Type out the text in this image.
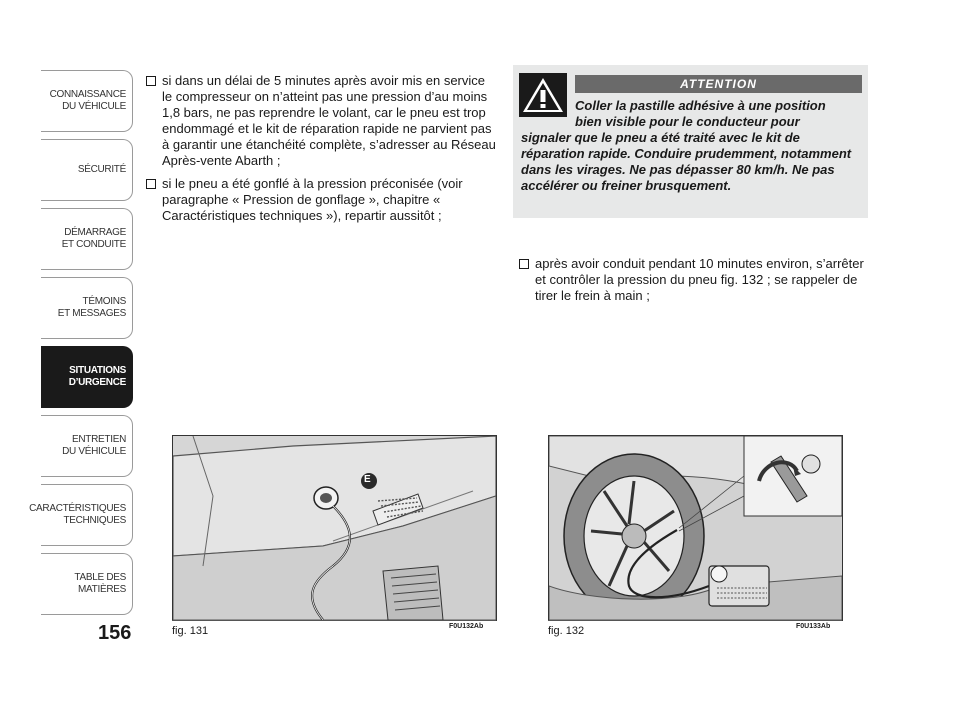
CONNAISSANCE
DU VÉHICULE
SÉCURITÉ
DÉMARRAGE
ET CONDUITE
TÉMOINS
ET MESSAGES
SITUATIONS
D’URGENCE
ENTRETIEN
DU VÉHICULE
CARACTÉRISTIQUES
TECHNIQUES
TABLE DES
MATIÈRES
156
si dans un délai de 5 minutes après avoir mis en service le compresseur on n’atteint pas une pression d’au moins 1,8 bars, ne pas reprendre le volant, car le pneu est trop endommagé et le kit de réparation rapide ne parvient pas à garantir une étanchéité complète, s’adresser au Réseau Après-vente Abarth ;
si le pneu a été gonflé à la pression préconisée (voir paragraphe « Pression de gonflage », chapitre « Caractéristiques techniques »), repartir aussitôt ;
ATTENTION
Coller la pastille adhésive à une position
bien visible pour le conducteur pour
signaler que le pneu a été traité avec le kit de réparation rapide. Conduire prudemment, notamment dans les virages. Ne pas dépasser 80 km/h. Ne pas accélérer ou freiner brusquement.
après avoir conduit pendant 10 minutes environ, s’arrêter et contrôler la pression du pneu fig. 132 ; se rappeler de tirer le frein à main ;
E
fig. 131	F0U132Ab	fig. 132	F0U133Ab
